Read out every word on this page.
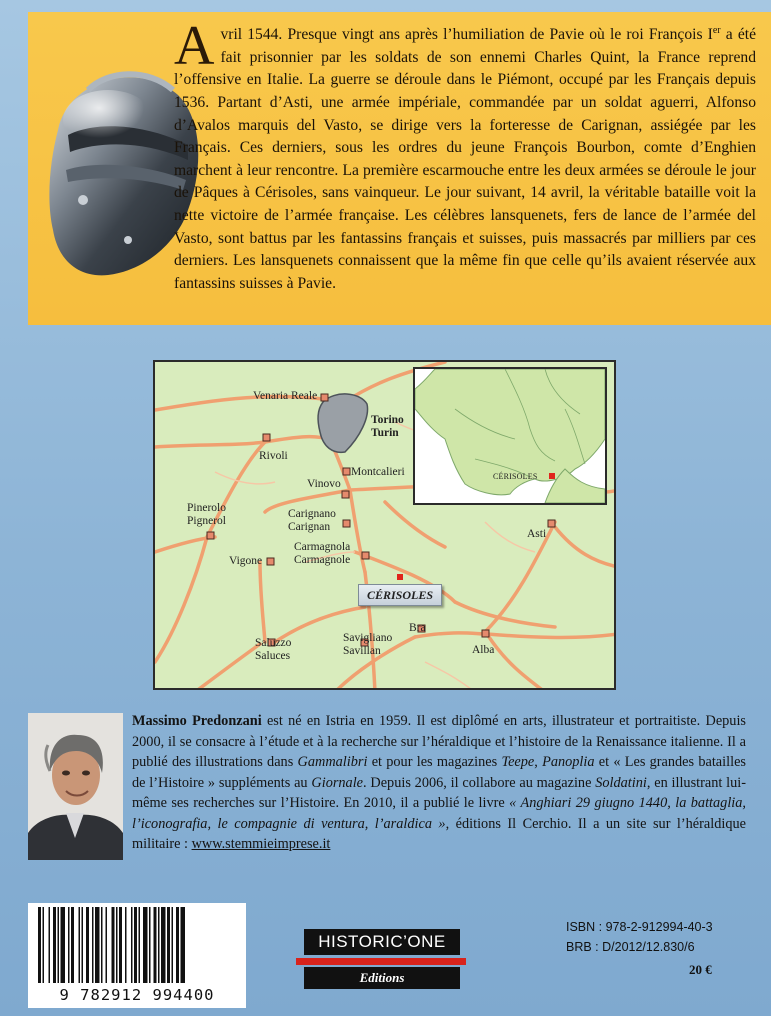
Avril 1544. Presque vingt ans après l’humiliation de Pavie où le roi François Ier a été fait prisonnier par les soldats de son ennemi Charles Quint, la France reprend l’offensive en Italie. La guerre se déroule dans le Piémont, occupé par les Français depuis 1536. Partant d’Asti, une armée impériale, commandée par un soldat aguerri, Alfonso d’Avalos marquis del Vasto, se dirige vers la forteresse de Carignan, assiégée par les Français. Ces derniers, sous les ordres du jeune François Bourbon, comte d’Enghien marchent à leur rencontre. La première escarmouche entre les deux armées se déroule le jour de Pâques à Cérisoles, sans vainqueur. Le jour suivant, 14 avril, la véritable bataille voit la nette victoire de l’armée française. Les célèbres lansquenets, fers de lance de l’armée del Vasto, sont battus par les fantassins français et suisses, puis massacrés par milliers par ces derniers. Les lansquenets connaissent que la même fin que celle qu’ils avaient réservée aux fantassins suisses à Pavie.

Venaria Reale
Torino
Turin
Rivoli
Montcalieri
Vinovo
Pinerolo
Pignerol
Carignano
Carignan
Asti
Vigone
Carmagnola
Carmagnole
Bra
Saluzzo
Saluces
Savigliano
Savillan	Alba
CÉRISOLES
CÉRISOLES

Massimo Predonzani est né en Istria en 1959. Il est diplômé en arts, illustrateur et portraitiste. Depuis 2000, il se consacre à l’étude et à la recherche sur l’héraldique et l’histoire de la Renaissance italienne. Il a publié des illustrations dans Gammalibri et pour les magazines Teepe, Panoplia et « Les grandes batailles de l’Histoire » suppléments au Giornale. Depuis 2006, il collabore au magazine Soldatini, en illustrant lui-même ses recherches sur l’Histoire. En 2010, il a publié le livre « Anghiari 29 giugno 1440, la battaglia, l’iconografia, le compagnie di ventura, l’araldica », éditions Il Cerchio. Il a un site sur l’héraldique militaire : www.stemmieimprese.it

9 782912 994400
HISTORIC’ONE
Editions
ISBN : 978-2-912994-40-3
BRB : D/2012/12.830/6
20 €
